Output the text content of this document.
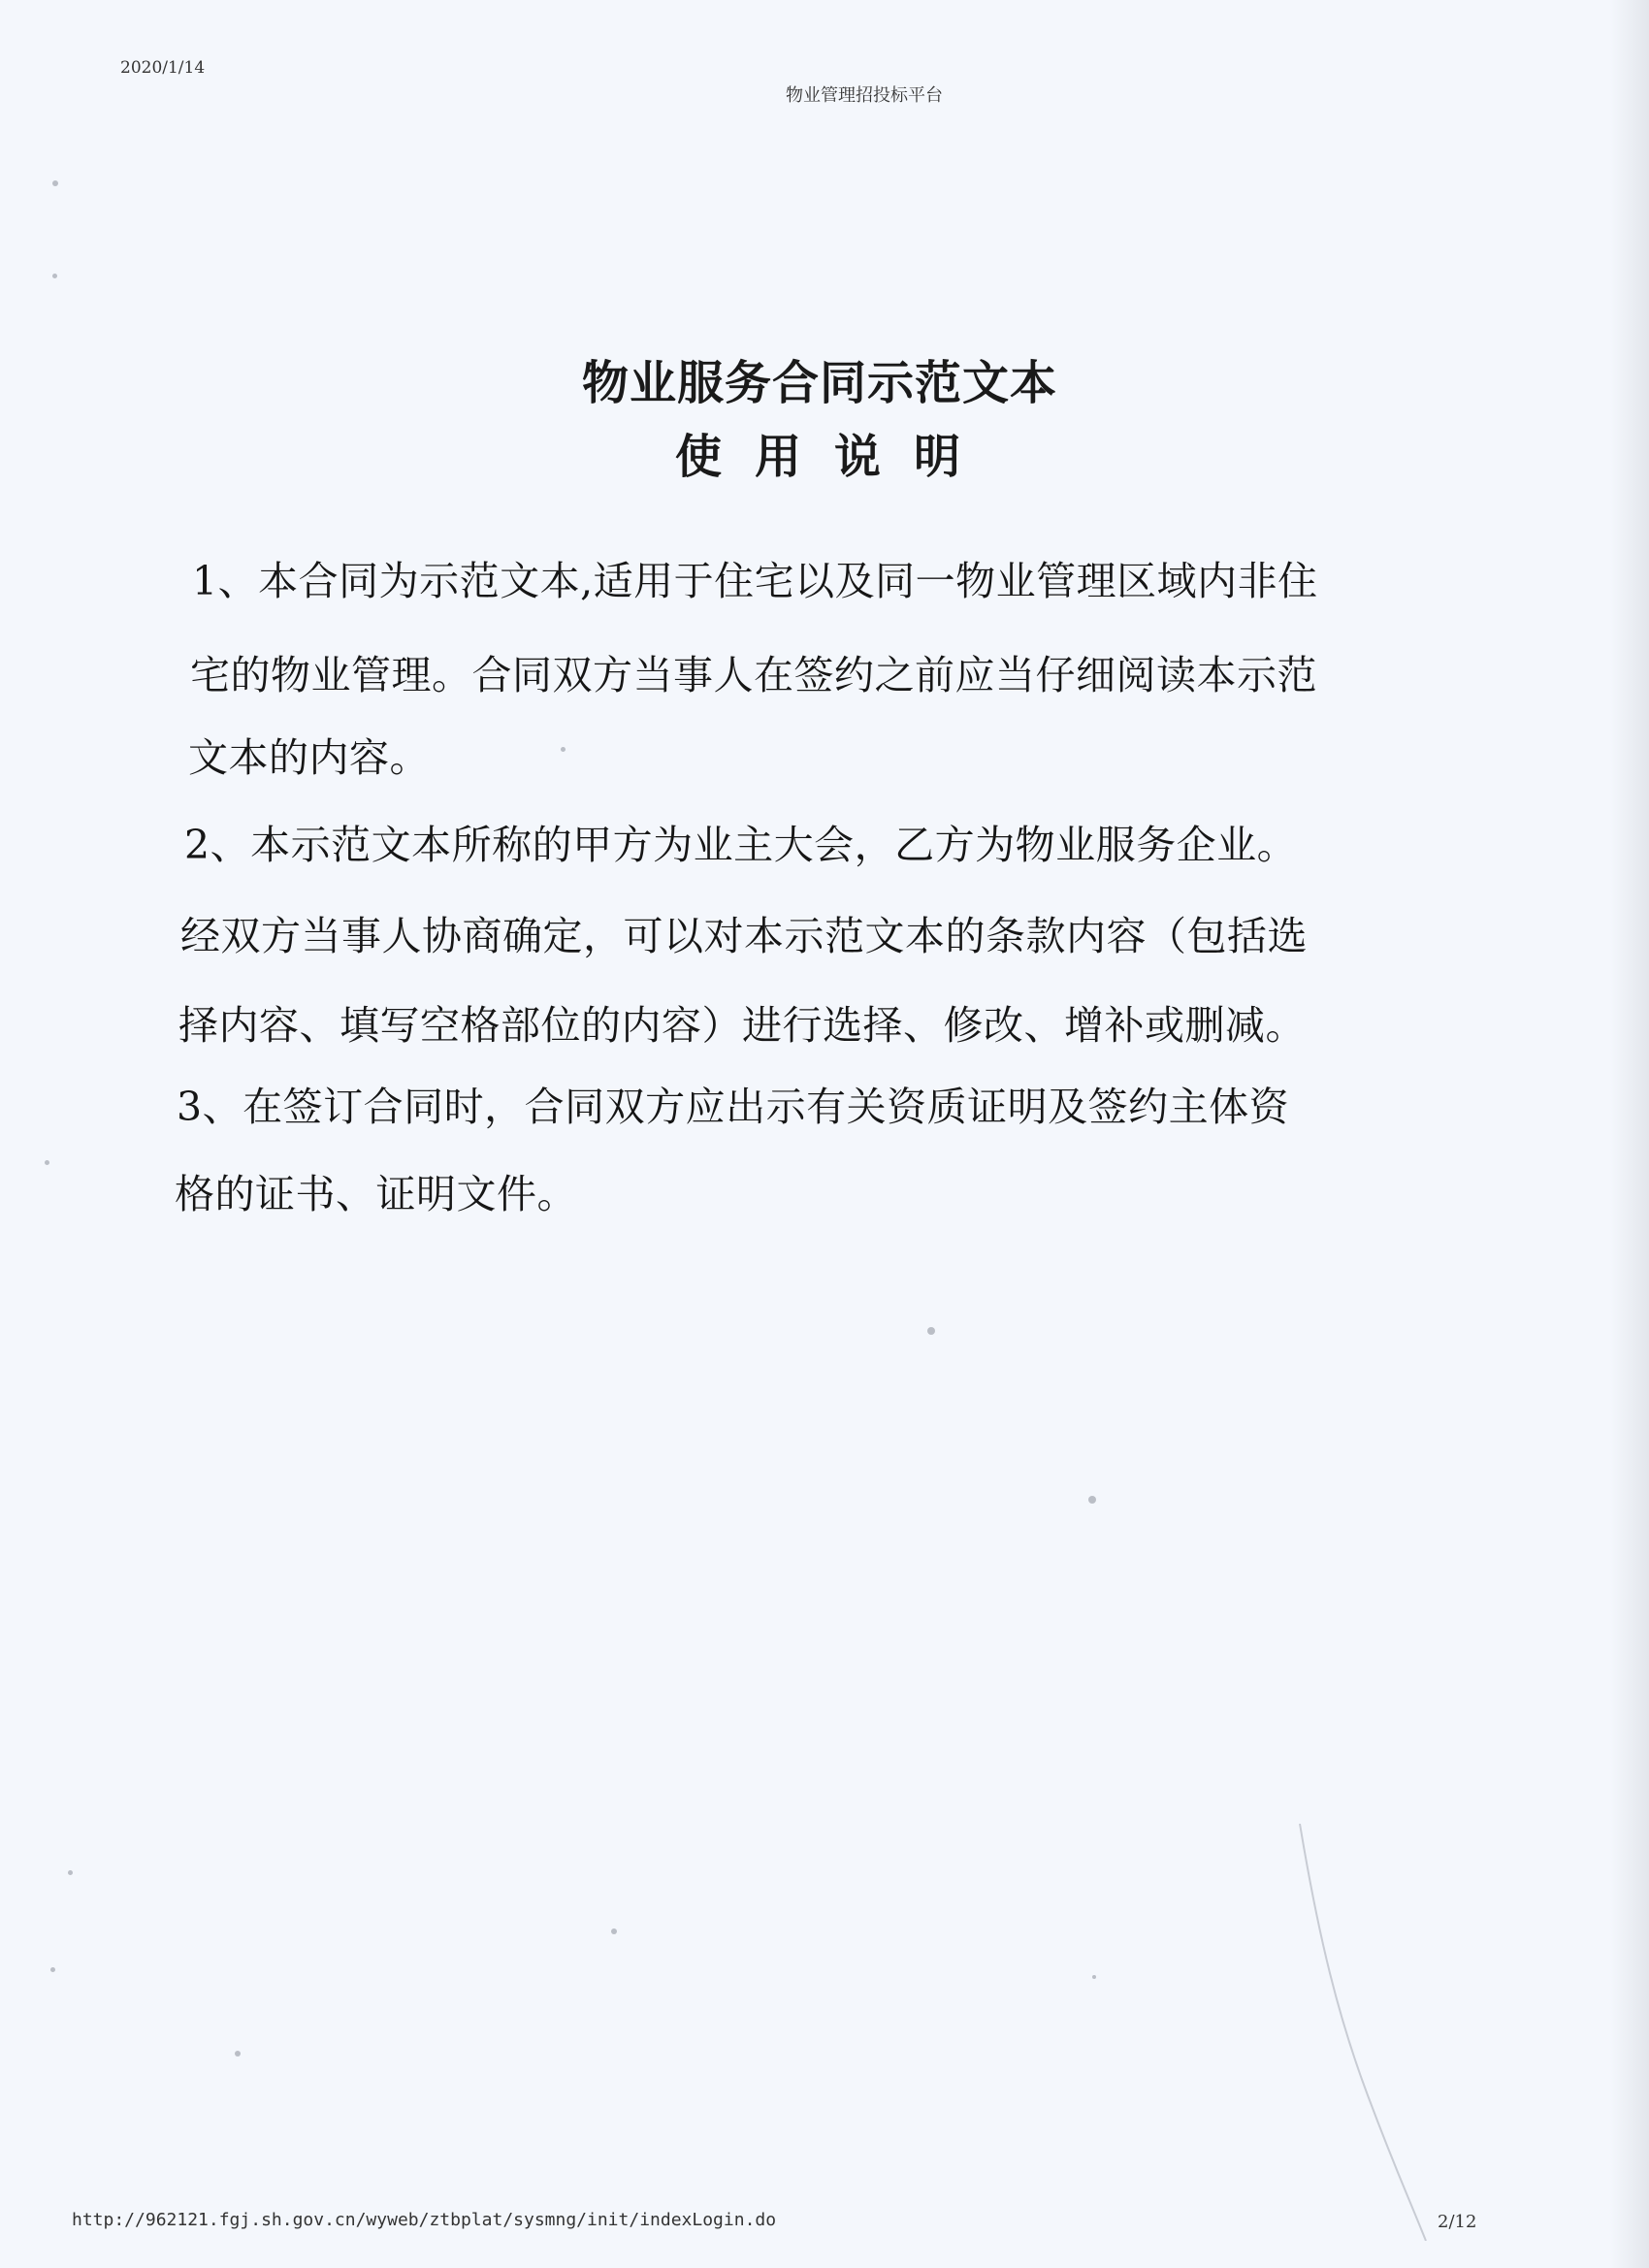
2020/1/14
物业管理招投标平台
物业服务合同示范文本
使用说明
1、本合同为示范文本,适用于住宅以及同一物业管理区域内非住
宅的物业管理。合同双方当事人在签约之前应当仔细阅读本示范
文本的内容。
2、本示范文本所称的甲方为业主大会，乙方为物业服务企业。
经双方当事人协商确定，可以对本示范文本的条款内容（包括选
择内容、填写空格部位的内容）进行选择、修改、增补或删减。
3、在签订合同时，合同双方应出示有关资质证明及签约主体资
格的证书、证明文件。
http://962121.fgj.sh.gov.cn/wyweb/ztbplat/sysmng/init/indexLogin.do	2/12
